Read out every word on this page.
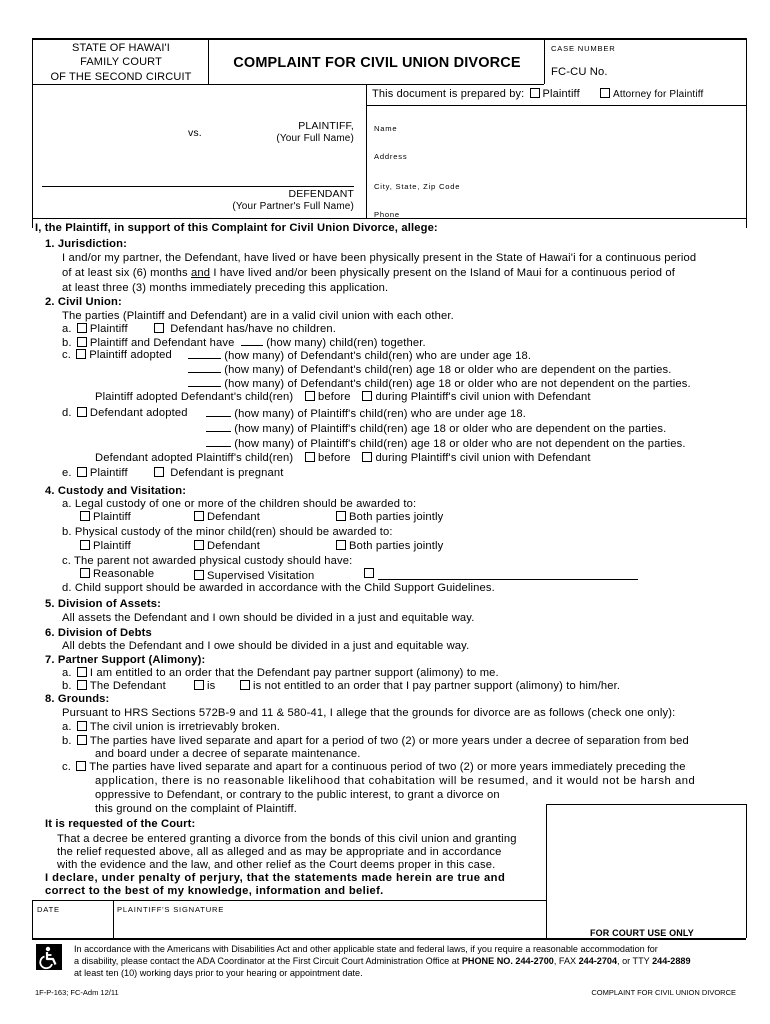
STATE OF HAWAI'I
FAMILY COURT
OF THE SECOND CIRCUIT
COMPLAINT FOR CIVIL UNION DIVORCE
CASE NUMBER
FC-CU No.
This document is prepared by: Plaintiff	Attorney for Plaintiff
vs.
PLAINTIFF,
(Your Full Name)
DEFENDANT
(Your Partner's Full Name)
Name
Address
City, State, Zip Code
Phone
I, the Plaintiff, in support of this Complaint for Civil Union Divorce, allege:
1. Jurisdiction:
I and/or my partner, the Defendant, have lived or have been physically present in the State of Hawai'i for a continuous period
of at least six (6) months and I have lived and/or been physically present on the Island of Maui for a continuous period of
at least three (3) months immediately preceding this application.
2. Civil Union:
The parties (Plaintiff and Defendant) are in a valid civil union with each other.
a. Plaintiff	Defendant has/have no children.
b. Plaintiff and Defendant have	(how many) child(ren) together.
c. Plaintiff adopted	(how many) of Defendant's child(ren) who are under age 18.
(how many) of Defendant's child(ren) age 18 or older who are dependent on the parties.
(how many) of Defendant's child(ren) age 18 or older who are not dependent on the parties.
Plaintiff adopted Defendant's child(ren) before during Plaintiff's civil union with Defendant
d. Defendant adopted	(how many) of Plaintiff's child(ren) who are under age 18.
(how many) of Plaintiff's child(ren) age 18 or older who are dependent on the parties.
(how many) of Plaintiff's child(ren) age 18 or older who are not dependent on the parties.
Defendant adopted Plaintiff's child(ren) before during Plaintiff's civil union with Defendant
e. Plaintiff	Defendant is pregnant
4. Custody and Visitation:
a. Legal custody of one or more of the children should be awarded to:
Plaintiff	Defendant	Both parties jointly
b. Physical custody of the minor child(ren) should be awarded to:
Plaintiff	Defendant	Both parties jointly
c. The parent not awarded physical custody should have:
Reasonable	Supervised Visitation
d. Child support should be awarded in accordance with the Child Support Guidelines.
5. Division of Assets:
All assets the Defendant and I own should be divided in a just and equitable way.
6. Division of Debts
All debts the Defendant and I owe should be divided in a just and equitable way.
7. Partner Support (Alimony):
a. I am entitled to an order that the Defendant pay partner support (alimony) to me.
b. The Defendant	is	is not entitled to an order that I pay partner support (alimony) to him/her.
8. Grounds:
Pursuant to HRS Sections 572B-9 and 11 & 580-41, I allege that the grounds for divorce are as follows (check one only):
a. The civil union is irretrievably broken.
b. The parties have lived separate and apart for a period of two (2) or more years under a decree of separation from bed
and board under a decree of separate maintenance.
c. The parties have lived separate and apart for a continuous period of two (2) or more years immediately preceding the
application, there is no reasonable likelihood that cohabitation will be resumed, and it would not be harsh and
oppressive to Defendant, or contrary to the public interest, to grant a divorce on
this ground on the complaint of Plaintiff.
It is requested of the Court:
That a decree be entered granting a divorce from the bonds of this civil union and granting
the relief requested above, all as alleged and as may be appropriate and in accordance
with the evidence and the law, and other relief as the Court deems proper in this case.
I declare, under penalty of perjury, that the statements made herein are true and
correct to the best of my knowledge, information and belief.
DATE	PLAINTIFF'S SIGNATURE
FOR COURT USE ONLY
In accordance with the Americans with Disabilities Act and other applicable state and federal laws, if you require a reasonable accommodation for
a disability, please contact the ADA Coordinator at the First Circuit Court Administration Office at PHONE NO. 244-2700, FAX 244-2704, or TTY 244-2889
at least ten (10) working days prior to your hearing or appointment date.
1F-P-163; FC-Adm 12/11	COMPLAINT FOR CIVIL UNION DIVORCE
